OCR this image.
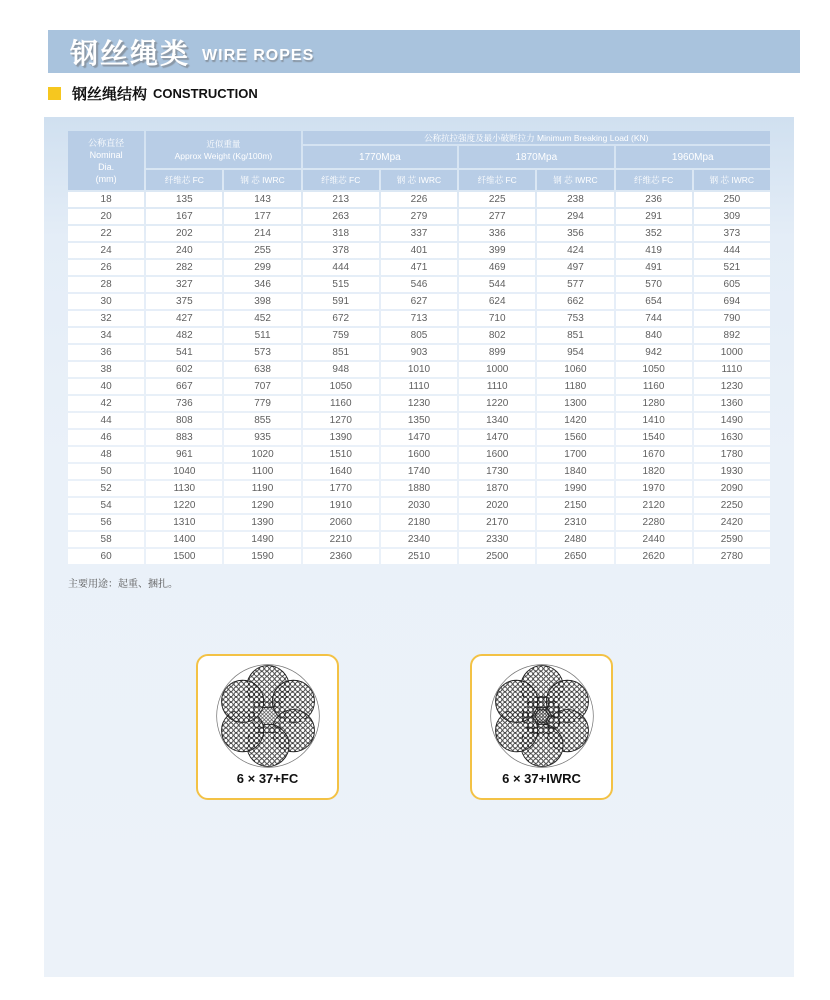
钢丝绳类 WIRE ROPES
钢丝绳结构 CONSTRUCTION
公称直径
Nominal
Dia.
(mm)

近似重量
Approx Weight (Kg/100m)
	公称抗拉强度及最小破断拉力 Minimum Breaking Load (KN)
			1770Mpa		1870Mpa		1960Mpa	
	纤维芯 FC	钢 芯 IWRC	纤维芯 FC	钢 芯 IWRC	纤维芯 FC	钢 芯 IWRC	纤维芯 FC	钢 芯 IWRC
18	135	143	213	226	225	238	236	250
20	167	177	263	279	277	294	291	309
22	202	214	318	337	336	356	352	373
24	240	255	378	401	399	424	419	444
26	282	299	444	471	469	497	491	521
28	327	346	515	546	544	577	570	605
30	375	398	591	627	624	662	654	694
32	427	452	672	713	710	753	744	790
34	482	511	759	805	802	851	840	892
36	541	573	851	903	899	954	942	1000
38	602	638	948	1010	1000	1060	1050	1110
40	667	707	1050	1110	1110	1180	1160	1230
42	736	779	1160	1230	1220	1300	1280	1360
44	808	855	1270	1350	1340	1420	1410	1490
46	883	935	1390	1470	1470	1560	1540	1630
48	961	1020	1510	1600	1600	1700	1670	1780
50	1040	1100	1640	1740	1730	1840	1820	1930
52	1130	1190	1770	1880	1870	1990	1970	2090
54	1220	1290	1910	2030	2020	2150	2120	2250
56	1310	1390	2060	2180	2170	2310	2280	2420
58	1400	1490	2210	2340	2330	2480	2440	2590
60	1500	1590	2360	2510	2500	2650	2620	2780
主要用途：起重、捆扎。
6 × 37+FC	6 × 37+IWRC
